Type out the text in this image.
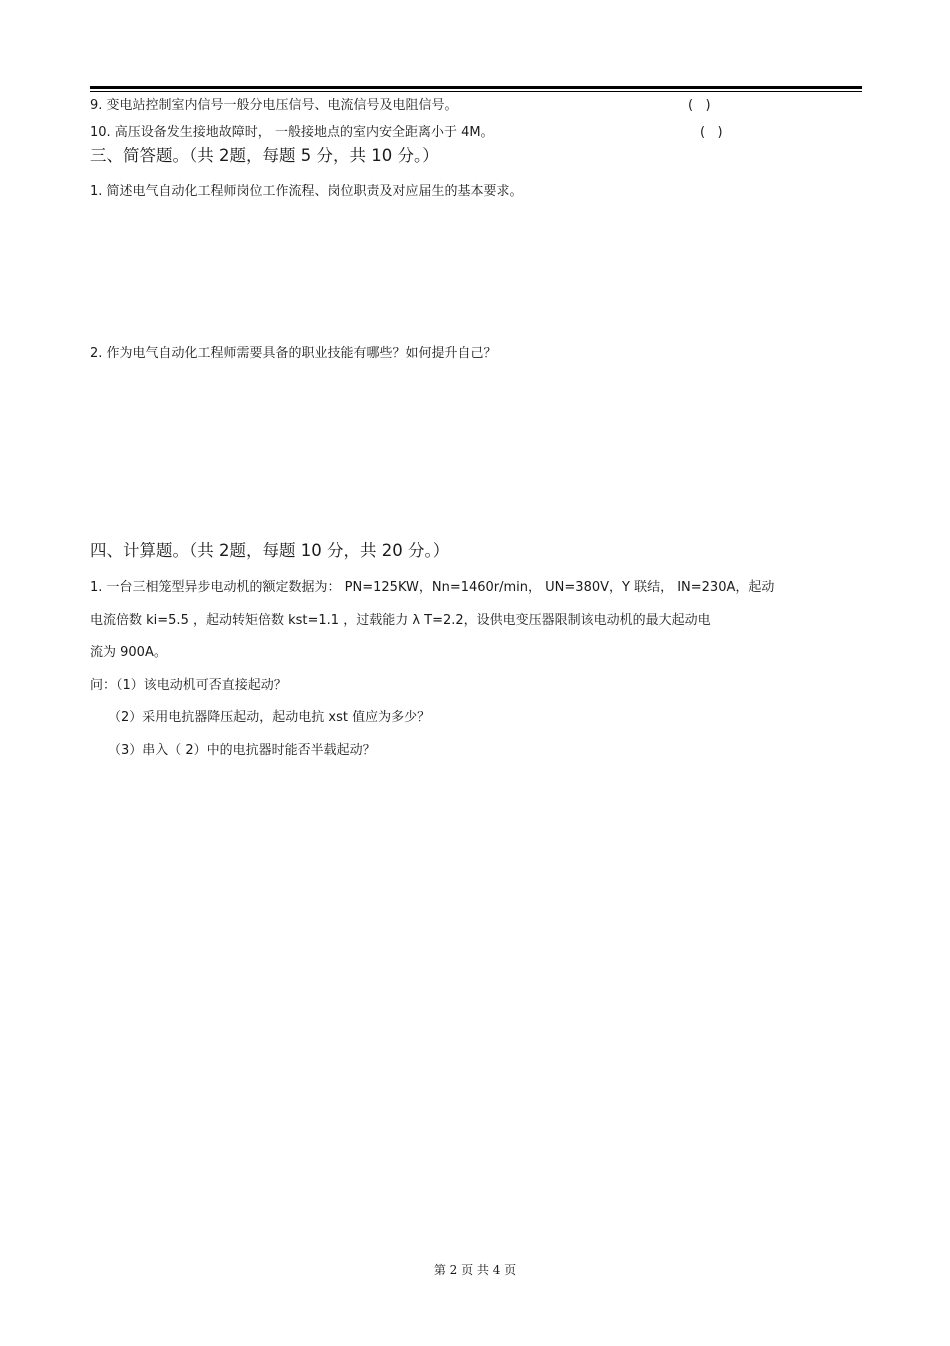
9. 变电站控制室内信号一般分电压信号、电流信号及电阻信号。	(   )
10. 高压设备发生接地故障时， 一般接地点的室内安全距离小于 4M。	(   )
三、简答题。（共 2题，每题 5 分，共 10 分。）
1. 简述电气自动化工程师岗位工作流程、岗位职责及对应届生的基本要求。
2. 作为电气自动化工程师需要具备的职业技能有哪些？如何提升自己？
四、计算题。（共 2题，每题 10 分，共 20 分。）
1. 一台三相笼型异步电动机的额定数据为： PN=125KW，Nn=1460r/min， UN=380V，Y 联结， IN=230A，起动
电流倍数 ki=5.5 ，起动转矩倍数 kst=1.1 ，过载能力 λ T=2.2，设供电变压器限制该电动机的最大起动电
流为 900A。
问：（1）该电动机可否直接起动？
（2）采用电抗器降压起动，起动电抗 xst 值应为多少？
（3）串入（ 2）中的电抗器时能否半载起动？
第 2 页 共 4 页
